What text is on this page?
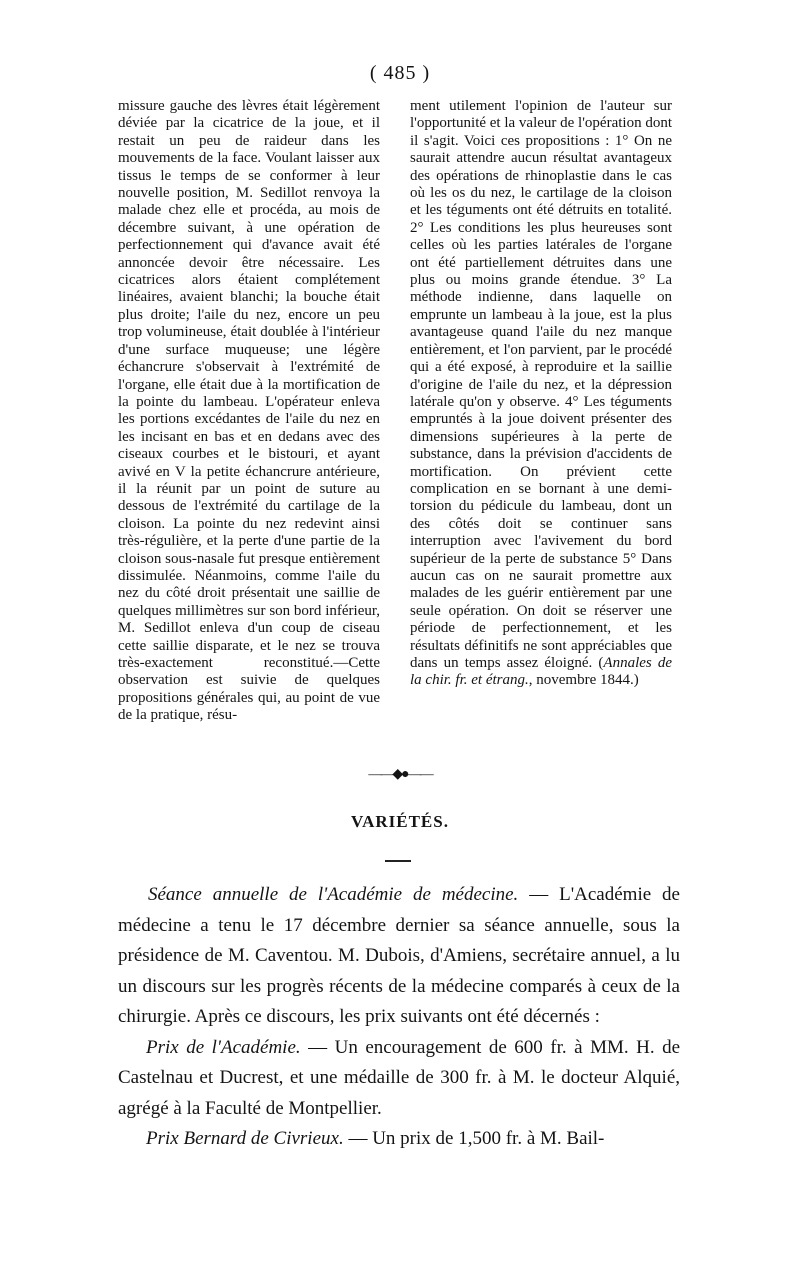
( 485 )

missure gauche des lèvres était légèrement déviée par la cicatrice de la joue, et il restait un peu de raideur dans les mouvements de la face. Voulant laisser aux tissus le temps de se conformer à leur nouvelle position, M. Sedillot renvoya la malade chez elle et procéda, au mois de décembre suivant, à une opération de perfectionnement qui d'avance avait été annoncée devoir être nécessaire. Les cicatrices alors étaient complétement linéaires, avaient blanchi; la bouche était plus droite; l'aile du nez, encore un peu trop volumineuse, était doublée à l'intérieur d'une surface muqueuse; une légère échancrure s'observait à l'extrémité de l'organe, elle était due à la mortification de la pointe du lambeau. L'opérateur enleva les portions excédantes de l'aile du nez en les incisant en bas et en dedans avec des ciseaux courbes et le bistouri, et ayant avivé en V la petite échancrure antérieure, il la réunit par un point de suture au dessous de l'extrémité du cartilage de la cloison. La pointe du nez redevint ainsi très-régulière, et la perte d'une partie de la cloison sous-nasale fut presque entièrement dissimulée. Néanmoins, comme l'aile du nez du côté droit présentait une saillie de quelques millimètres sur son bord inférieur, M. Sedillot enleva d'un coup de ciseau cette saillie disparate, et le nez se trouva très-exactement reconstitué.—Cette observation est suivie de quelques propositions générales qui, au point de vue de la pratique, résu-

ment utilement l'opinion de l'auteur sur l'opportunité et la valeur de l'opération dont il s'agit. Voici ces propositions : 1° On ne saurait attendre aucun résultat avantageux des opérations de rhinoplastie dans le cas où les os du nez, le cartilage de la cloison et les téguments ont été détruits en totalité. 2° Les conditions les plus heureuses sont celles où les parties latérales de l'organe ont été partiellement détruites dans une plus ou moins grande étendue. 3° La méthode indienne, dans laquelle on emprunte un lambeau à la joue, est la plus avantageuse quand l'aile du nez manque entièrement, et l'on parvient, par le procédé qui a été exposé, à reproduire et la saillie d'origine de l'aile du nez, et la dépression latérale qu'on y observe. 4° Les téguments empruntés à la joue doivent présenter des dimensions supérieures à la perte de substance, dans la prévision d'accidents de mortification. On prévient cette complication en se bornant à une demi-torsion du pédicule du lambeau, dont un des côtés doit se continuer sans interruption avec l'avivement du bord supérieur de la perte de substance 5° Dans aucun cas on ne saurait promettre aux malades de les guérir entièrement par une seule opération. On doit se réserver une période de perfectionnement, et les résultats définitifs ne sont appréciables que dans un temps assez éloigné. (Annales de la chir. fr. et étrang., novembre 1844.)

——◆●——
VARIÉTÉS.

Séance annuelle de l'Académie de médecine. — L'Académie de médecine a tenu le 17 décembre dernier sa séance annuelle, sous la présidence de M. Caventou. M. Dubois, d'Amiens, secrétaire annuel, a lu un discours sur les progrès récents de la médecine comparés à ceux de la chirurgie. Après ce discours, les prix suivants ont été décernés :

Prix de l'Académie. — Un encouragement de 600 fr. à MM. H. de Castelnau et Ducrest, et une médaille de 300 fr. à M. le docteur Alquié, agrégé à la Faculté de Montpellier.

Prix Bernard de Civrieux. — Un prix de 1,500 fr. à M. Bail-
